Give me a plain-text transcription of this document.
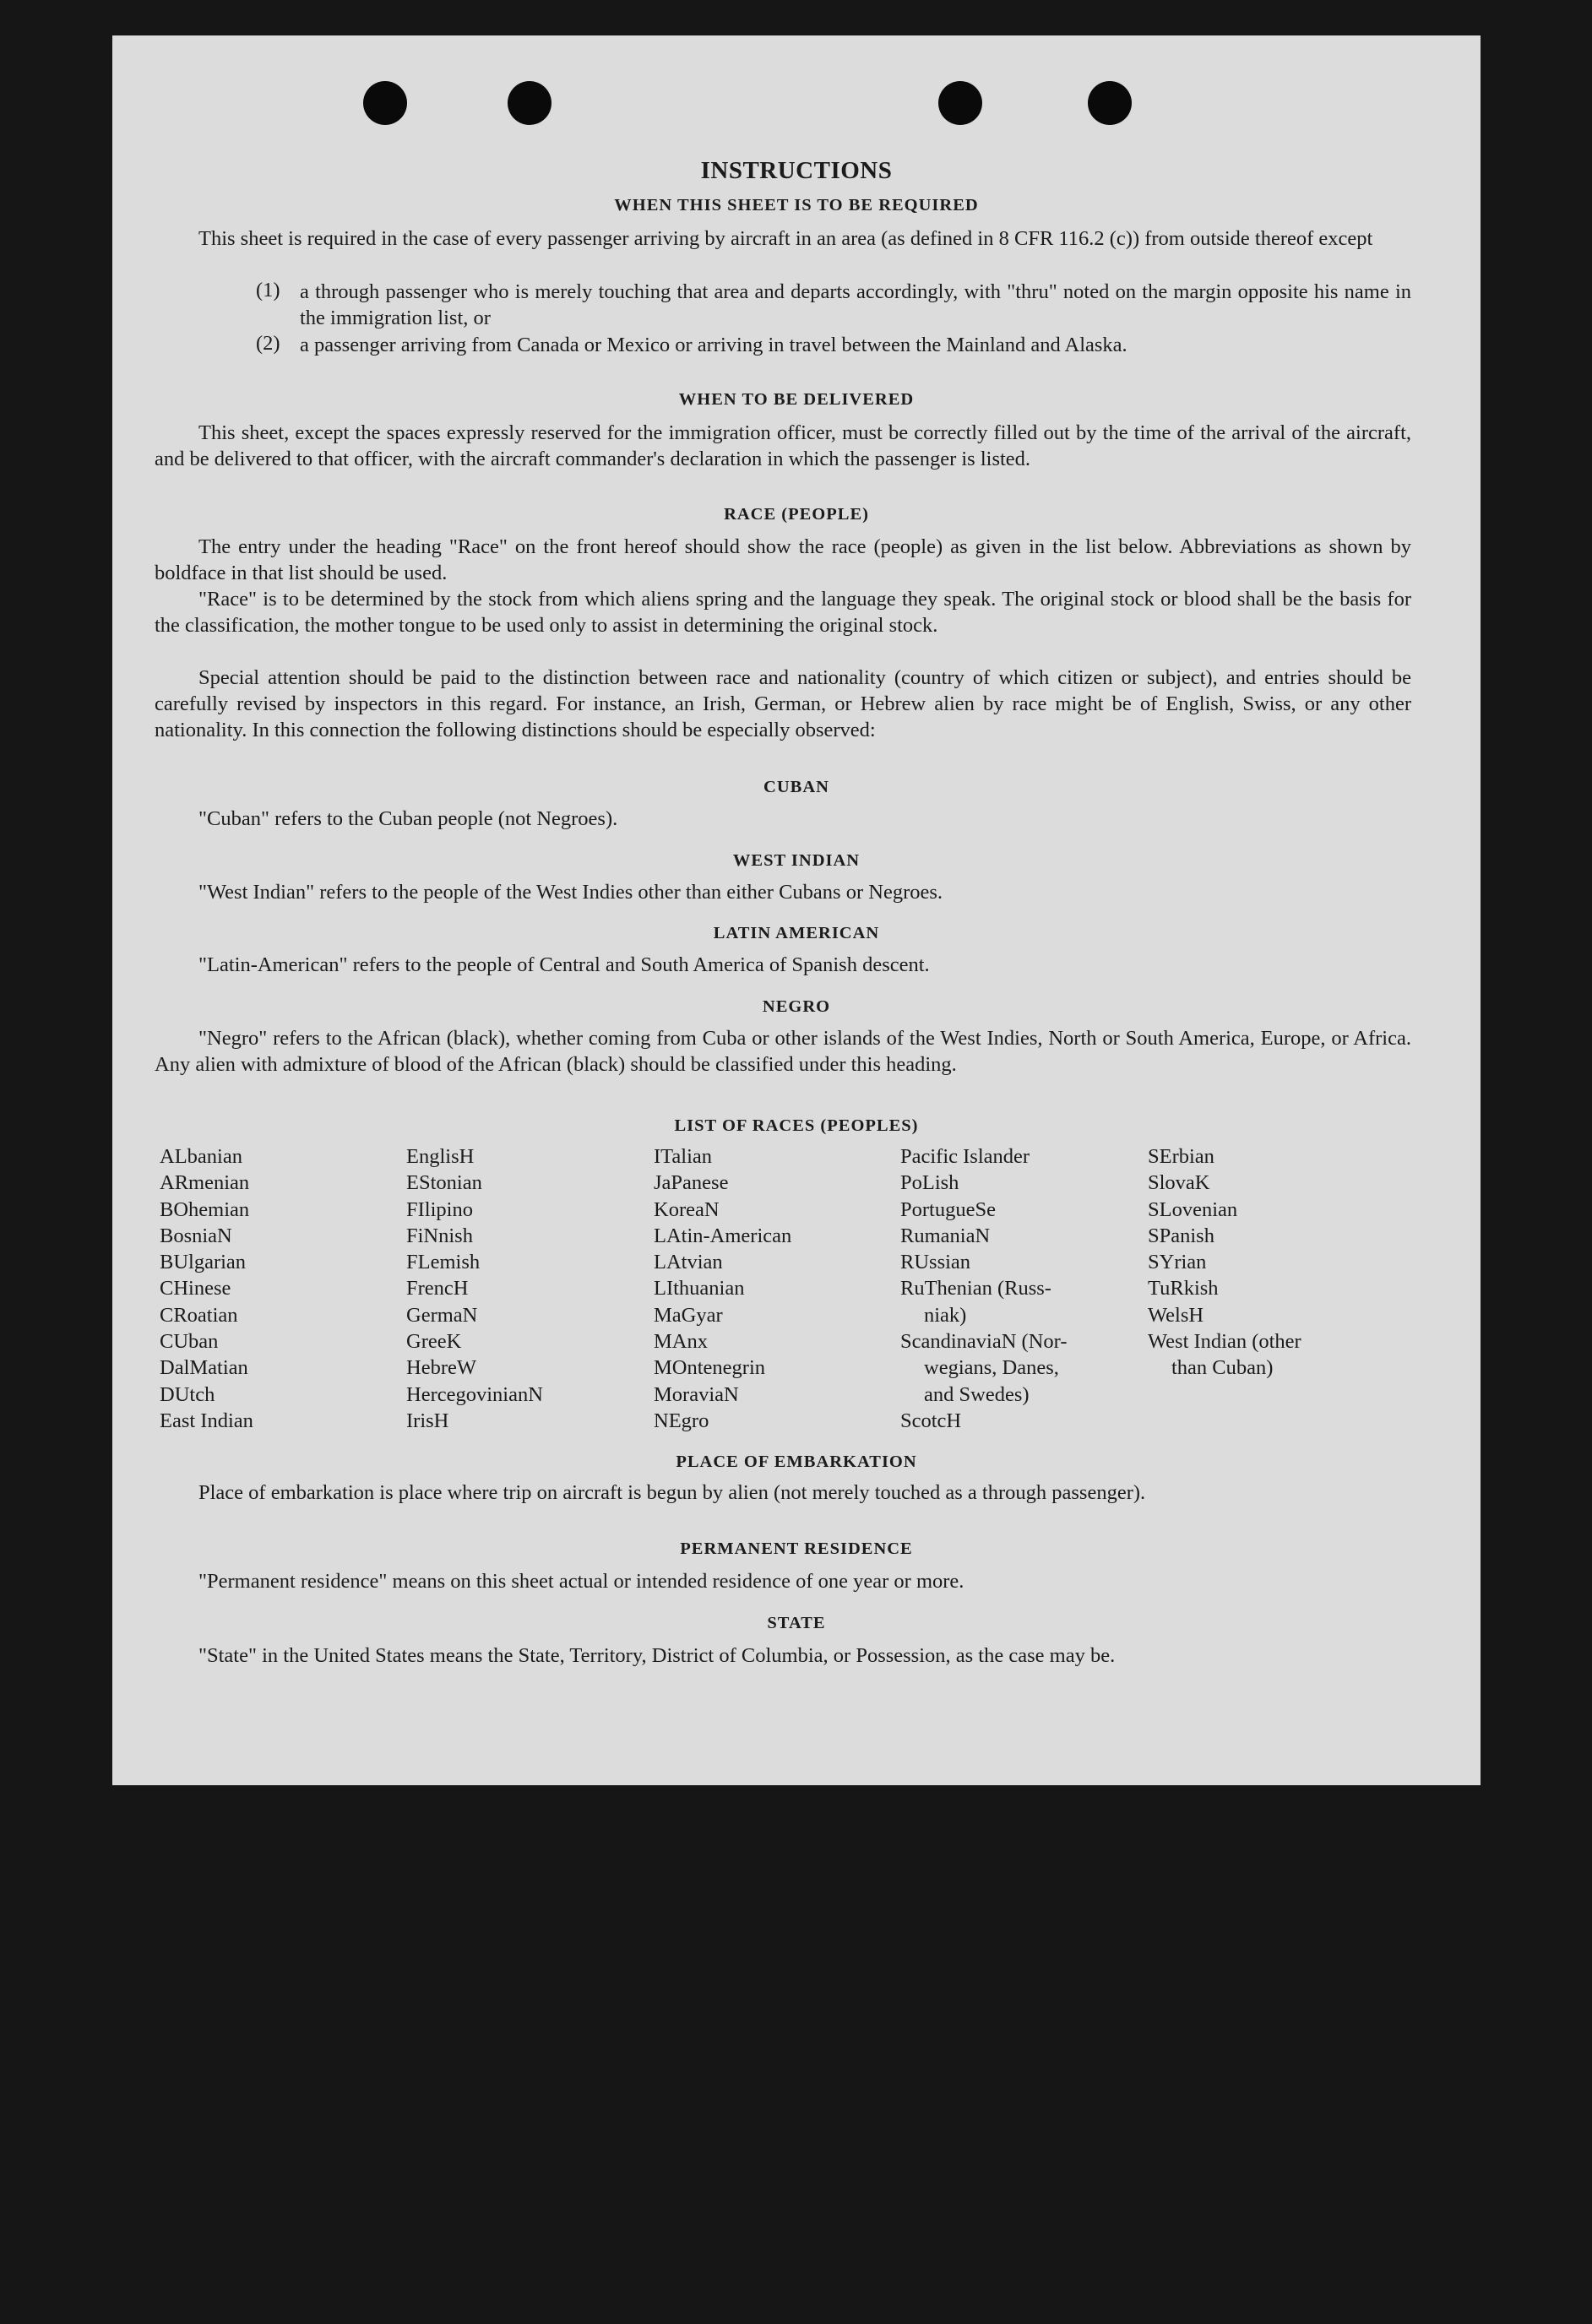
INSTRUCTIONS
WHEN THIS SHEET IS TO BE REQUIRED
This sheet is required in the case of every passenger arriving by aircraft in an area (as defined in 8 CFR 116.2 (c)) from outside thereof except
(1) a through passenger who is merely touching that area and departs accordingly, with "thru" noted on the margin opposite his name in the immigration list, or
(2) a passenger arriving from Canada or Mexico or arriving in travel between the Mainland and Alaska.
WHEN TO BE DELIVERED
This sheet, except the spaces expressly reserved for the immigration officer, must be correctly filled out by the time of the arrival of the aircraft, and be delivered to that officer, with the aircraft commander's declaration in which the passenger is listed.
RACE (PEOPLE)
The entry under the heading "Race" on the front hereof should show the race (people) as given in the list below. Abbreviations as shown by boldface in that list should be used.
"Race" is to be determined by the stock from which aliens spring and the language they speak. The original stock or blood shall be the basis for the classification, the mother tongue to be used only to assist in determining the original stock.
Special attention should be paid to the distinction between race and nationality (country of which citizen or subject), and entries should be carefully revised by inspectors in this regard. For instance, an Irish, German, or Hebrew alien by race might be of English, Swiss, or any other nationality. In this connection the following distinctions should be especially observed:
CUBAN
"Cuban" refers to the Cuban people (not Negroes).
WEST INDIAN
"West Indian" refers to the people of the West Indies other than either Cubans or Negroes.
LATIN AMERICAN
"Latin-American" refers to the people of Central and South America of Spanish descent.
NEGRO
"Negro" refers to the African (black), whether coming from Cuba or other islands of the West Indies, North or South America, Europe, or Africa. Any alien with admixture of blood of the African (black) should be classified under this heading.
LIST OF RACES (PEOPLES)
ALbanian
ARmenian
BOhemian
BosniaN
BUlgarian
CHinese
CRoatian
CUban
DalMatian
DUtch
East Indian
EnglisH
EStonian
FIlipino
FiNnish
FLemish
FrencH
GermaN
GreeK
HebreW
HercegovinianN
IrisH
ITalian
JaPanese
KoreaN
LAtin-American
LAtvian
LIthuanian
MaGyar
MAnx
MOntenegrin
MoraviaN
NEgro
Pacific Islander
PoLish
PortugueSe
RumaniaN
RUssian
RuThenian (Russ-
niak)
ScandinaviaN (Nor-
wegians, Danes,
and Swedes)
ScotcH
SErbian
SlovaK
SLovenian
SPanish
SYrian
TuRkish
WelsH
West Indian (other
than Cuban)
PLACE OF EMBARKATION
Place of embarkation is place where trip on aircraft is begun by alien (not merely touched as a through passenger).
PERMANENT RESIDENCE
"Permanent residence" means on this sheet actual or intended residence of one year or more.
STATE
"State" in the United States means the State, Territory, District of Columbia, or Possession, as the case may be.
